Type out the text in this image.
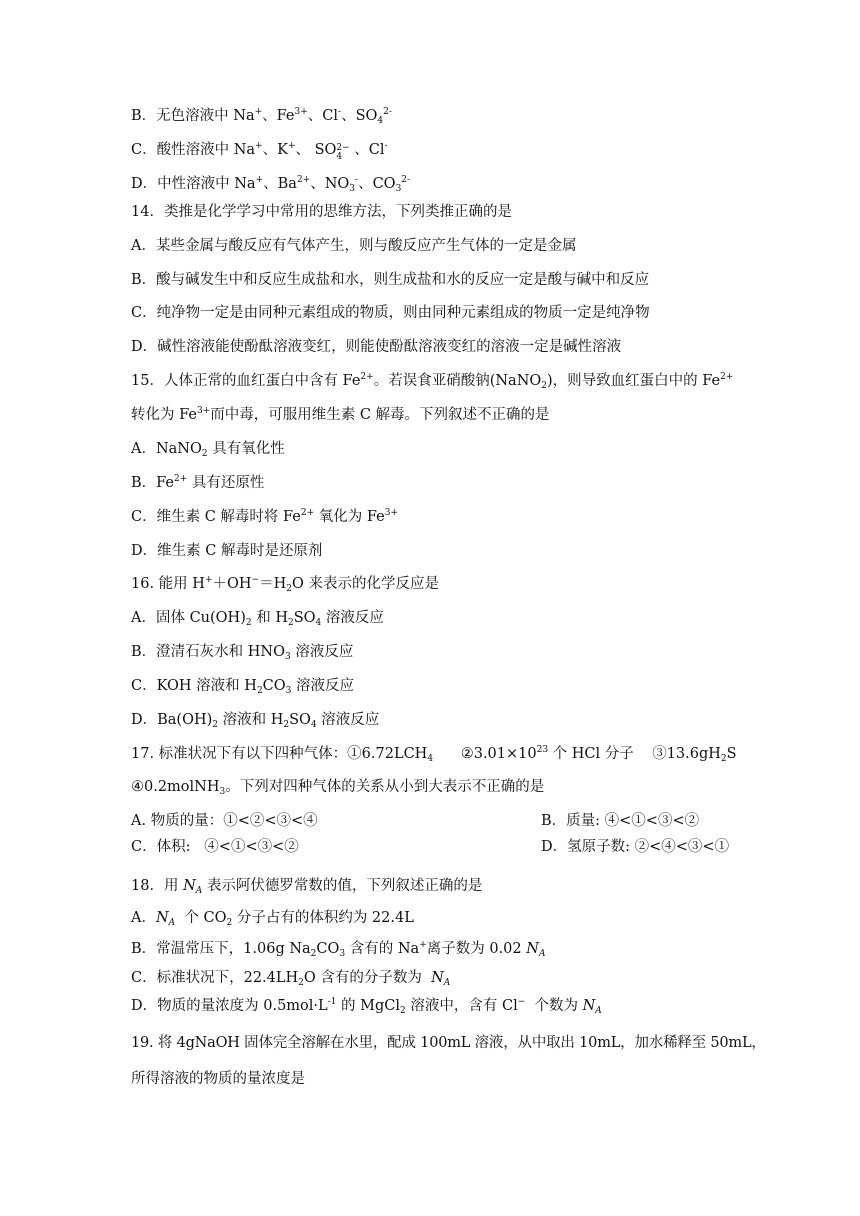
B．无色溶液中 Na+、$Fe^{3+}$、Cl-、$SO_4^{2-}$
C．酸性溶液中 Na+、K+、 SO 2−
4 、Cl-
D．中性溶液中 Na+、$Ba^{2+}$、$NO_3^-$、$CO_3^{2-}$
14．类推是化学学习中常用的思维方法，下列类推正确的是
A．某些金属与酸反应有气体产生，则与酸反应产生气体的一定是金属
B．酸与碱发生中和反应生成盐和水，则生成盐和水的反应一定是酸与碱中和反应
C．纯净物一定是由同种元素组成的物质，则由同种元素组成的物质一定是纯净物
D．碱性溶液能使酚酞溶液变红，则能使酚酞溶液变红的溶液一定是碱性溶液
15．人体正常的血红蛋白中含有 $Fe^{2+}$。若误食亚硝酸钠(NaNO$_2$)，则导致血红蛋白中的 $Fe^{2+}$
转化为 $Fe^{3+}$而中毒，可服用维生素 C 解毒。下列叙述不正确的是
A．NaNO$_2$ 具有氧化性
B．$Fe^{2+}$ 具有还原性
C．维生素 C 解毒时将 $Fe^{2+}$ 氧化为 $Fe^{3+}$
D．维生素 C 解毒时是还原剂
16. 能用 $H^++OH^-=H_2O$ 来表示的化学反应是
A．固体 $Cu(OH)_2$ 和 $H_2SO_4$ 溶液反应
B．澄清石灰水和 $HNO_3$ 溶液反应
C．KOH 溶液和 $H_2CO_3$ 溶液反应
D．$Ba(OH)_2$ 溶液和 $H_2SO_4$ 溶液反应
17. 标准状况下有以下四种气体：$①6.72LCH_4$      $②3.01\times 10^{23}$ 个 HCl 分子    $③13.6gH_2S$
④0.2molNH$_3$。下列对四种气体的关系从小到大表示不正确的是
A. 物质的量：①<②<③<④	B．质量: ④<①<③<②
C．体积:   ④<①<③<②	D．氢原子数: ②<④<③<①
18．用 $N_A$ 表示阿伏德罗常数的值，下列叙述正确的是
A．$N_A$  个 $CO_2$ 分子占有的体积约为 22.4L
B．常温常压下，1.06g $Na_2CO_3$ 含有的 Na+离子数为 0.02 $N_A$
C．标准状况下，$22.4LH_2O$ 含有的分子数为  $N_A$
D．物质的量浓度为 $0.5mol\cdot L^{-1}$ 的 MgCl$_2$ 溶液中，含有 Cl−  个数为 $N_A$
19. 将 4gNaOH 固体完全溶解在水里，配成 100mL 溶液，从中取出 10mL，加水稀释至 50mL，
所得溶液的物质的量浓度是
